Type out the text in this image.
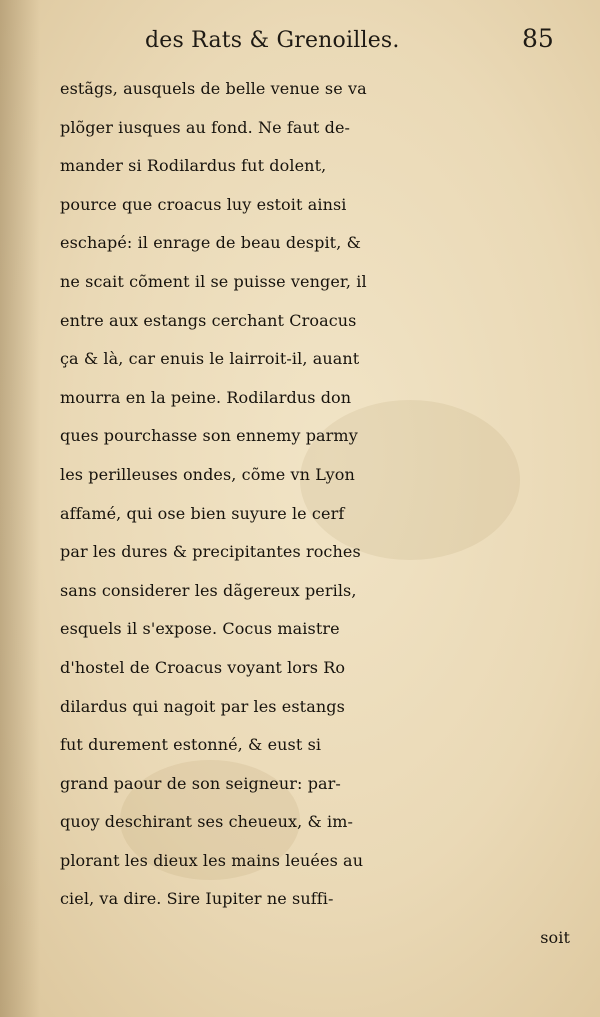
des Rats & Grenoilles.	85
estãgs, ausquels de belle venue se va
plõger iusques au fond. Ne faut de-
mander si Rodilardus fut dolent,
pource que croacus luy estoit ainsi
eschapé: il enrage de beau despit, &
ne scait cõment il se puisse venger, il
entre aux estangs cerchant Croacus
ça & là, car enuis le lairroit-il, auant
mourra en la peine. Rodilardus don
ques pourchasse son ennemy parmy
les perilleuses ondes, cõme vn Lyon
affamé, qui ose bien suyure le cerf
par les dures & precipitantes roches
sans considerer les dãgereux perils,
esquels il s'expose. Cocus maistre
d'hostel de Croacus voyant lors Ro
dilardus qui nagoit par les estangs
fut durement estonné, & eust si
grand paour de son seigneur: par-
quoy deschirant ses cheueux, & im-
plorant les dieux les mains leuées au
ciel, va dire. Sire Iupiter ne suffi-
soit
